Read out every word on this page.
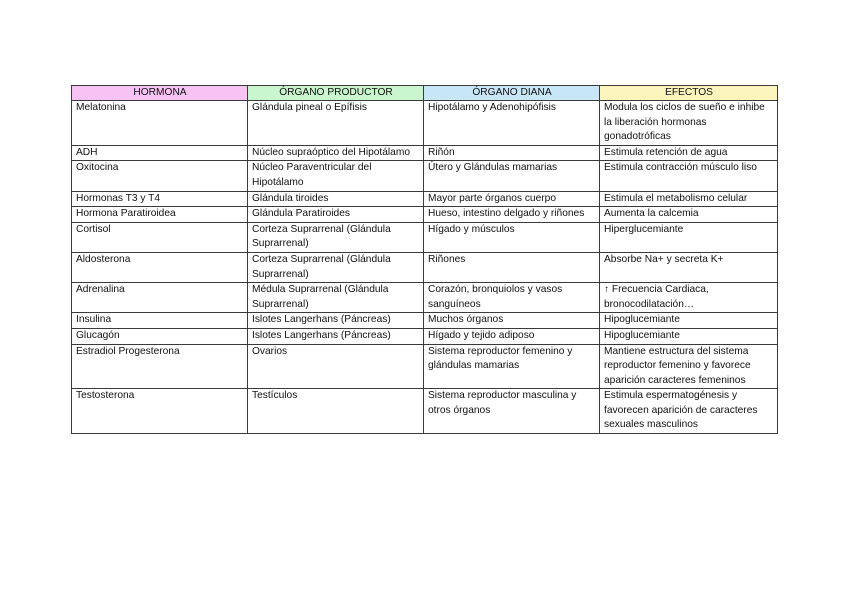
HORMONA	ÓRGANO PRODUCTOR	ÓRGANO DIANA	EFECTOS
Melatonina	Glándula pineal o Epífisis	Hipotálamo y Adenohipófisis	Modula los ciclos de sueño e inhibe la liberación hormonas gonadotróficas
ADH	Núcleo supraóptico del Hipotálamo	Riñón	Estimula retención de agua
Oxitocina	Núcleo Paraventricular del Hipotálamo	Útero y Glándulas mamarias	Estimula contracción músculo liso
Hormonas T3 y T4	Glándula tiroides	Mayor parte órganos cuerpo	Estimula el metabolismo celular
Hormona Paratiroidea	Glándula Paratiroides	Hueso, intestino delgado y riñones	Aumenta la calcemia
Cortisol	Corteza Suprarrenal (Glándula Suprarrenal)	Hígado y músculos	Hiperglucemiante
Aldosterona	Corteza Suprarrenal (Glándula Suprarrenal)	Riñones	Absorbe Na+ y secreta K+
Adrenalina	Médula Suprarrenal (Glándula Suprarrenal)	Corazón, bronquiolos y vasos sanguíneos	↑ Frecuencia Cardiaca, bronocodilatación…
Insulina	Islotes Langerhans (Páncreas)	Muchos órganos	Hipoglucemiante
Glucagón	Islotes Langerhans (Páncreas)	Hígado y tejido adiposo	Hipoglucemiante
Estradiol Progesterona	Ovarios	Sistema reproductor femenino y glándulas mamarias	Mantiene estructura del sistema reproductor femenino y favorece aparición caracteres femeninos
Testosterona	Testículos	Sistema reproductor masculina y otros órganos	Estimula espermatogénesis y favorecen aparición de caracteres sexuales masculinos
